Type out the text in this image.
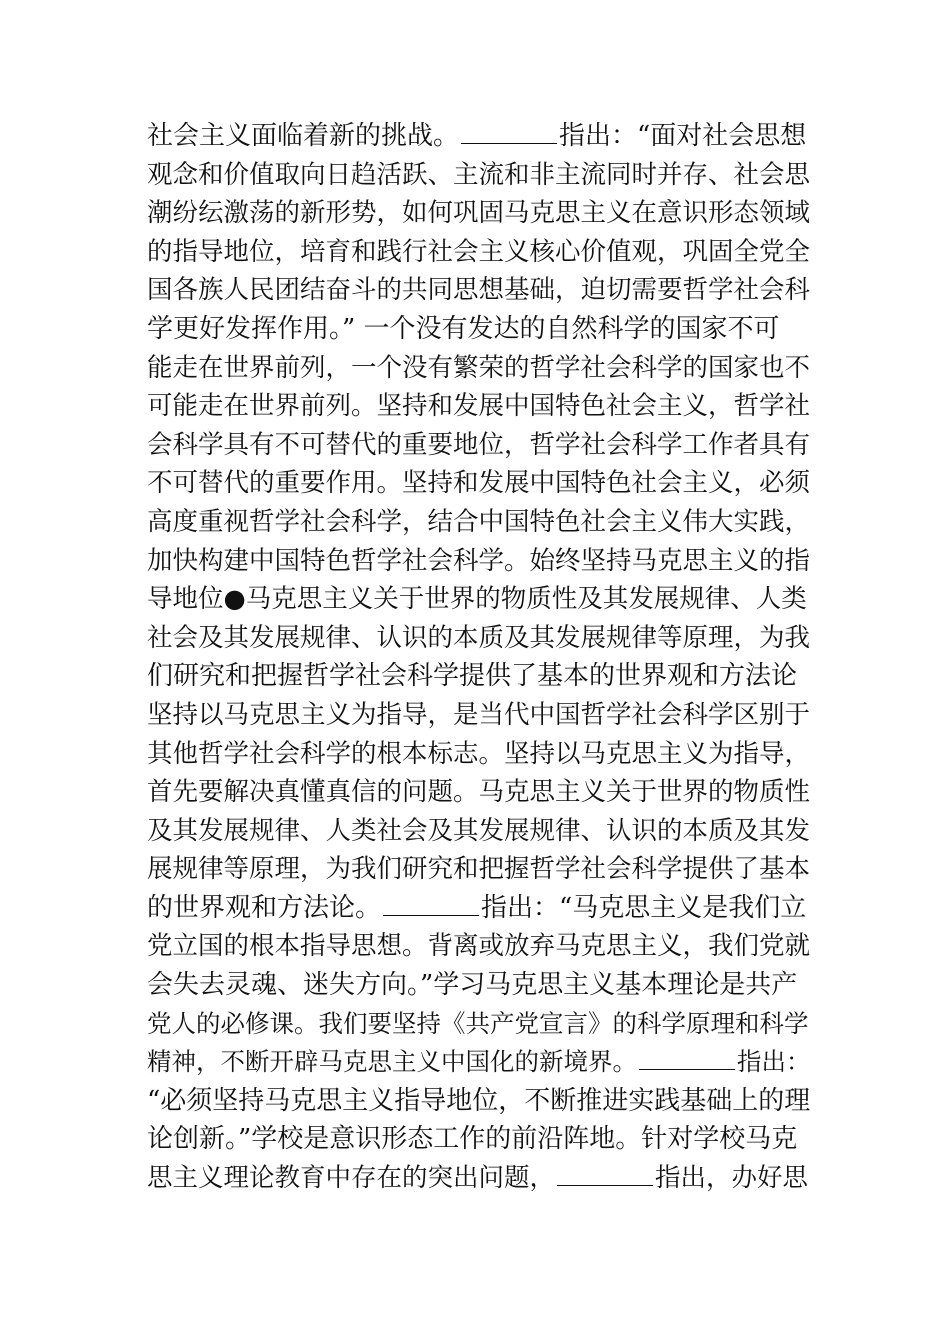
社会主义面临着新的挑战。	指出：“面对社会思想
观念和价值取向日趋活跃、主流和非主流同时并存、社会思
潮纷纭激荡的新形势，如何巩固马克思主义在意识形态领域
的指导地位，培育和践行社会主义核心价值观，巩固全党全
国各族人民团结奋斗的共同思想基础，迫切需要哲学社会科
学更好发挥作用。” 一个没有发达的自然科学的国家不可
能走在世界前列，一个没有繁荣的哲学社会科学的国家也不
可能走在世界前列。坚持和发展中国特色社会主义，哲学社
会科学具有不可替代的重要地位，哲学社会科学工作者具有
不可替代的重要作用。坚持和发展中国特色社会主义，必须
高度重视哲学社会科学，结合中国特色社会主义伟大实践，
加快构建中国特色哲学社会科学。始终坚持马克思主义的指
导地位●马克思主义关于世界的物质性及其发展规律、人类
社会及其发展规律、认识的本质及其发展规律等原理，为我
们研究和把握哲学社会科学提供了基本的世界观和方法论
坚持以马克思主义为指导，是当代中国哲学社会科学区别于
其他哲学社会科学的根本标志。坚持以马克思主义为指导，
首先要解决真懂真信的问题。马克思主义关于世界的物质性
及其发展规律、人类社会及其发展规律、认识的本质及其发
展规律等原理，为我们研究和把握哲学社会科学提供了基本
的世界观和方法论。	指出：“马克思主义是我们立
党立国的根本指导思想。背离或放弃马克思主义，我们党就
会失去灵魂、迷失方向。”学习马克思主义基本理论是共产
党人的必修课。我们要坚持《共产党宣言》的科学原理和科学
精神，不断开辟马克思主义中国化的新境界。	指出：
“必须坚持马克思主义指导地位，不断推进实践基础上的理
论创新。”学校是意识形态工作的前沿阵地。针对学校马克
思主义理论教育中存在的突出问题，	指出，办好思
